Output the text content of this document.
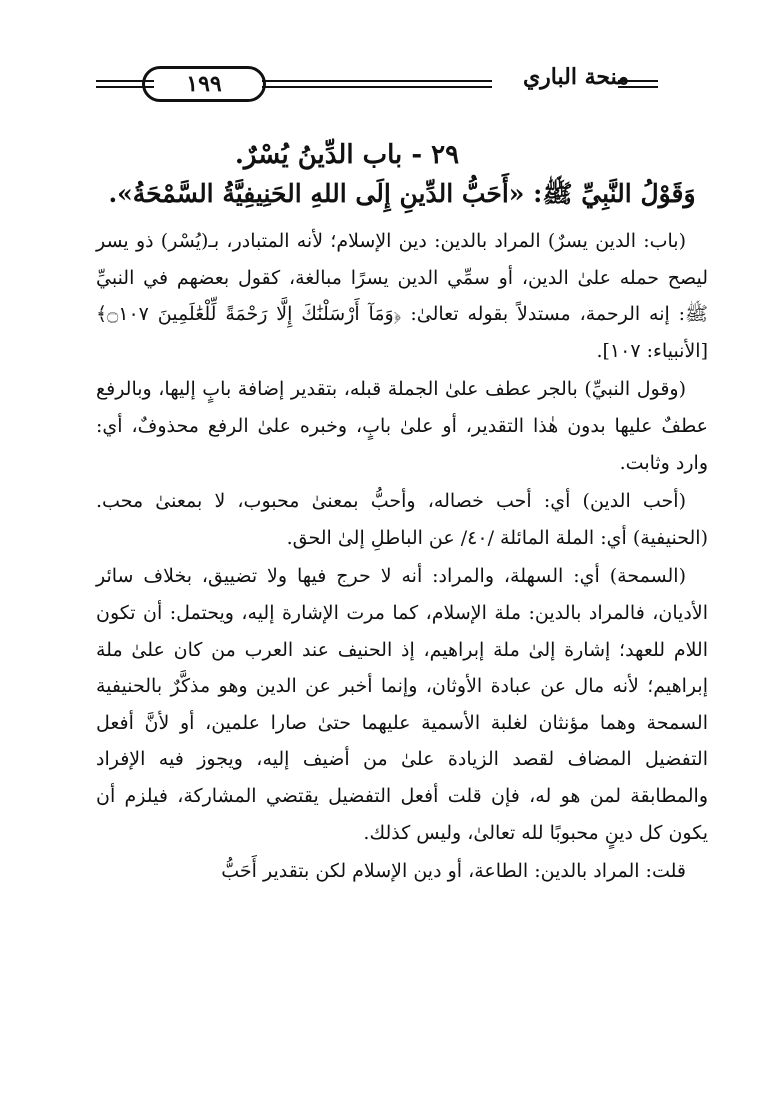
١٩٩	منحة الباري
٢٩ - باب الدِّينُ يُسْرٌ.
وَقَوْلُ النَّبِيِّ ﷺ: «أَحَبُّ الدِّينِ إِلَى اللهِ الحَنِيفِيَّةُ السَّمْحَةُ».

(باب: الدين يسرٌ) المراد بالدين: دين الإسلام؛ لأنه المتبادر، بـ(يُسْر) ذو يسر ليصح حمله علىٰ الدين، أو سمِّي الدين يسرًا مبالغة، كقول بعضهم في النبيِّ ﷺ: إنه الرحمة، مستدلاً بقوله تعالىٰ: ﴿وَمَآ أَرْسَلْنَٰكَ إِلَّا رَحْمَةً لِّلْعَٰلَمِينَ ۝١٠٧﴾ [الأنبياء: ١٠٧].

(وقول النبيِّ) بالجر عطف علىٰ الجملة قبله، بتقدير إضافة بابٍ إليها، وبالرفع عطفٌ عليها بدون هٰذا التقدير، أو علىٰ بابٍ، وخبره علىٰ الرفع محذوفٌ، أي: وارد وثابت.

(أحب الدين) أي: أحب خصاله، وأحبُّ بمعنىٰ محبوب، لا بمعنىٰ محب. (الحنيفية) أي: الملة المائلة /٤٠/ عن الباطلِ إلىٰ الحق.

(السمحة) أي: السهلة، والمراد: أنه لا حرج فيها ولا تضييق، بخلاف سائر الأديان، فالمراد بالدين: ملة الإسلام، كما مرت الإشارة إليه، ويحتمل: أن تكون اللام للعهد؛ إشارة إلىٰ ملة إبراهيم، إذ الحنيف عند العرب من كان علىٰ ملة إبراهيم؛ لأنه مال عن عبادة الأوثان، وإنما أخبر عن الدين وهو مذكَّرٌ بالحنيفية السمحة وهما مؤنثان لغلبة الأسمية عليهما حتىٰ صارا علمين، أو لأنَّ أفعل التفضيل المضاف لقصد الزيادة علىٰ من أضيف إليه، ويجوز فيه الإفراد والمطابقة لمن هو له، فإن قلت أفعل التفضيل يقتضي المشاركة، فيلزم أن يكون كل دينٍ محبوبًا لله تعالىٰ، وليس كذلك.

قلت: المراد بالدين: الطاعة، أو دين الإسلام لكن بتقدير أَحَبُّ
